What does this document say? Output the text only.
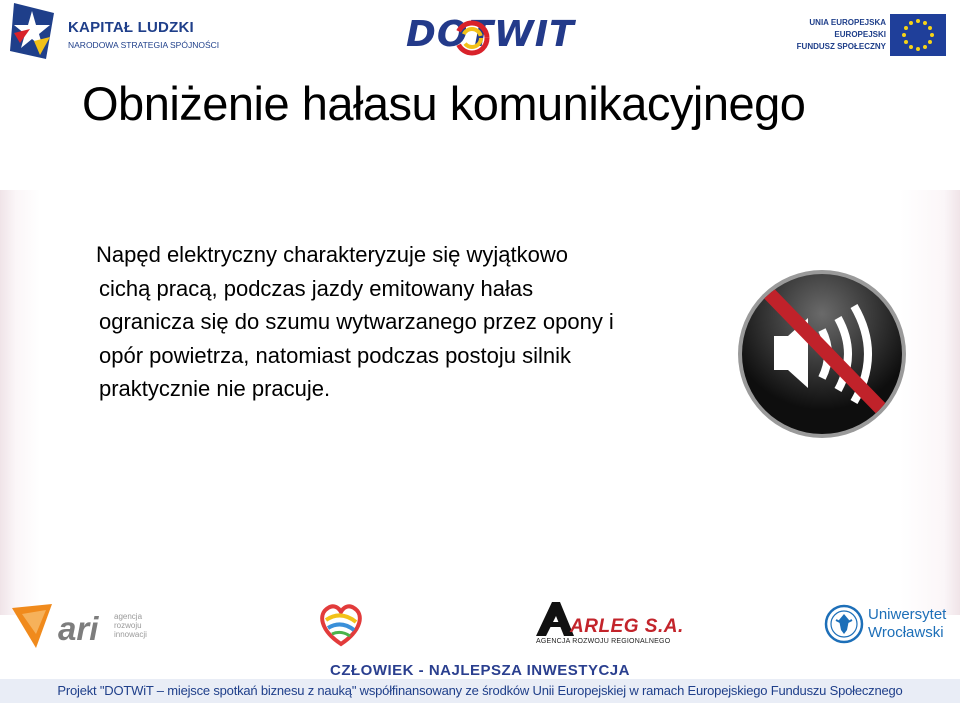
KAPITAŁ LUDZKI
NARODOWA STRATEGIA SPÓJNOŚCI	DOTWIT	UNIA EUROPEJSKA
EUROPEJSKI
FUNDUSZ SPOŁECZNY
Obniżenie hałasu komunikacyjnego
Napęd elektryczny charakteryzuje się wyjątkowo
cichą pracą, podczas jazdy emitowany hałas
ogranicza się do szumu wytwarzanego przez opony i
opór powietrza, natomiast podczas postoju silnik
praktycznie nie pracuje.
ari agencja
rozwoju
innowacji	ARLEG S.A.
AGENCJA ROZWOJU REGIONALNEGO
Uniwersytet
Wrocławski
CZŁOWIEK - NAJLEPSZA INWESTYCJA
Projekt "DOTWiT – miejsce spotkań biznesu z nauką" współfinansowany ze środków Unii Europejskiej w ramach Europejskiego Funduszu Społecznego
